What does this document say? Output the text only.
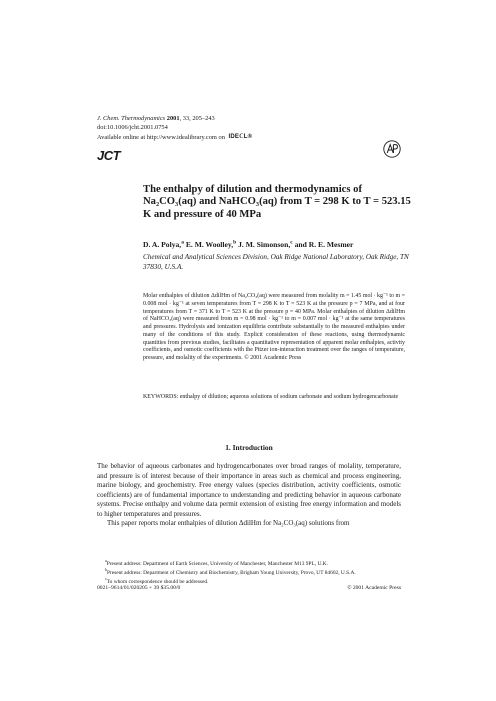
J. Chem. Thermodynamics 2001, 33, 205–243
doi:10.1006/jcht.2001.0754
Available online at http://www.idealibrary.com on IDEℂL®
JCT
The enthalpy of dilution and thermodynamics of Na₂CO₃(aq) and NaHCO₃(aq) from T = 298 K to T = 523.15 K and pressure of 40 MPa
D. A. Polya,$^a$ E. M. Woolley,$^b$ J. M. Simonson,$^c$ and R. E. Mesmer
Chemical and Analytical Sciences Division, Oak Ridge National Laboratory, Oak Ridge, TN 37830, U.S.A.
Molar enthalpies of dilution ΔdilHm of Na₂CO₃(aq) were measured from molality m = 1.45 mol · kg⁻¹ to m = 0.008 mol · kg⁻¹ at seven temperatures from T = 298 K to T = 523 K at the pressure p = 7 MPa, and at four temperatures from T = 371 K to T = 523 K at the pressure p = 40 MPa. Molar enthalpies of dilution ΔdilHm of NaHCO₃(aq) were measured from m = 0.98 mol · kg⁻¹ to m = 0.007 mol · kg⁻¹ at the same temperatures and pressures. Hydrolysis and ionization equilibria contribute substantially to the measured enthalpies under many of the conditions of this study. Explicit consideration of these reactions, using thermodynamic quantities from previous studies, facilitates a quantitative representation of apparent molar enthalpies, activity coefficients, and osmotic coefficients with the Pitzer ion-interaction treatment over the ranges of temperature, pressure, and molality of the experiments. © 2001 Academic Press
KEYWORDS: enthalpy of dilution; aqueous solutions of sodium carbonate and sodium hydrogencarbonate
1. Introduction

The behavior of aqueous carbonates and hydrogencarbonates over broad ranges of molality, temperature, and pressure is of interest because of their importance in areas such as chemical and process engineering, marine biology, and geochemistry. Free energy values (species distribution, activity coefficients, osmotic coefficients) are of fundamental importance to understanding and predicting behavior in aqueous carbonate systems. Precise enthalpy and volume data permit extension of existing free energy information and models to higher temperatures and pressures.

This paper reports molar enthalpies of dilution ΔdilHm for Na₂CO₃(aq) solutions from

$^a$Present address: Department of Earth Sciences, University of Manchester, Manchester M13 9PL, U.K.
$^b$Present address: Department of Chemistry and Biochemistry, Brigham Young University, Provo, UT 84602, U.S.A.
$^c$To whom correspondence should be addressed.
0021–9614/01/020205 + 39 $35.00/0	© 2001 Academic Press
